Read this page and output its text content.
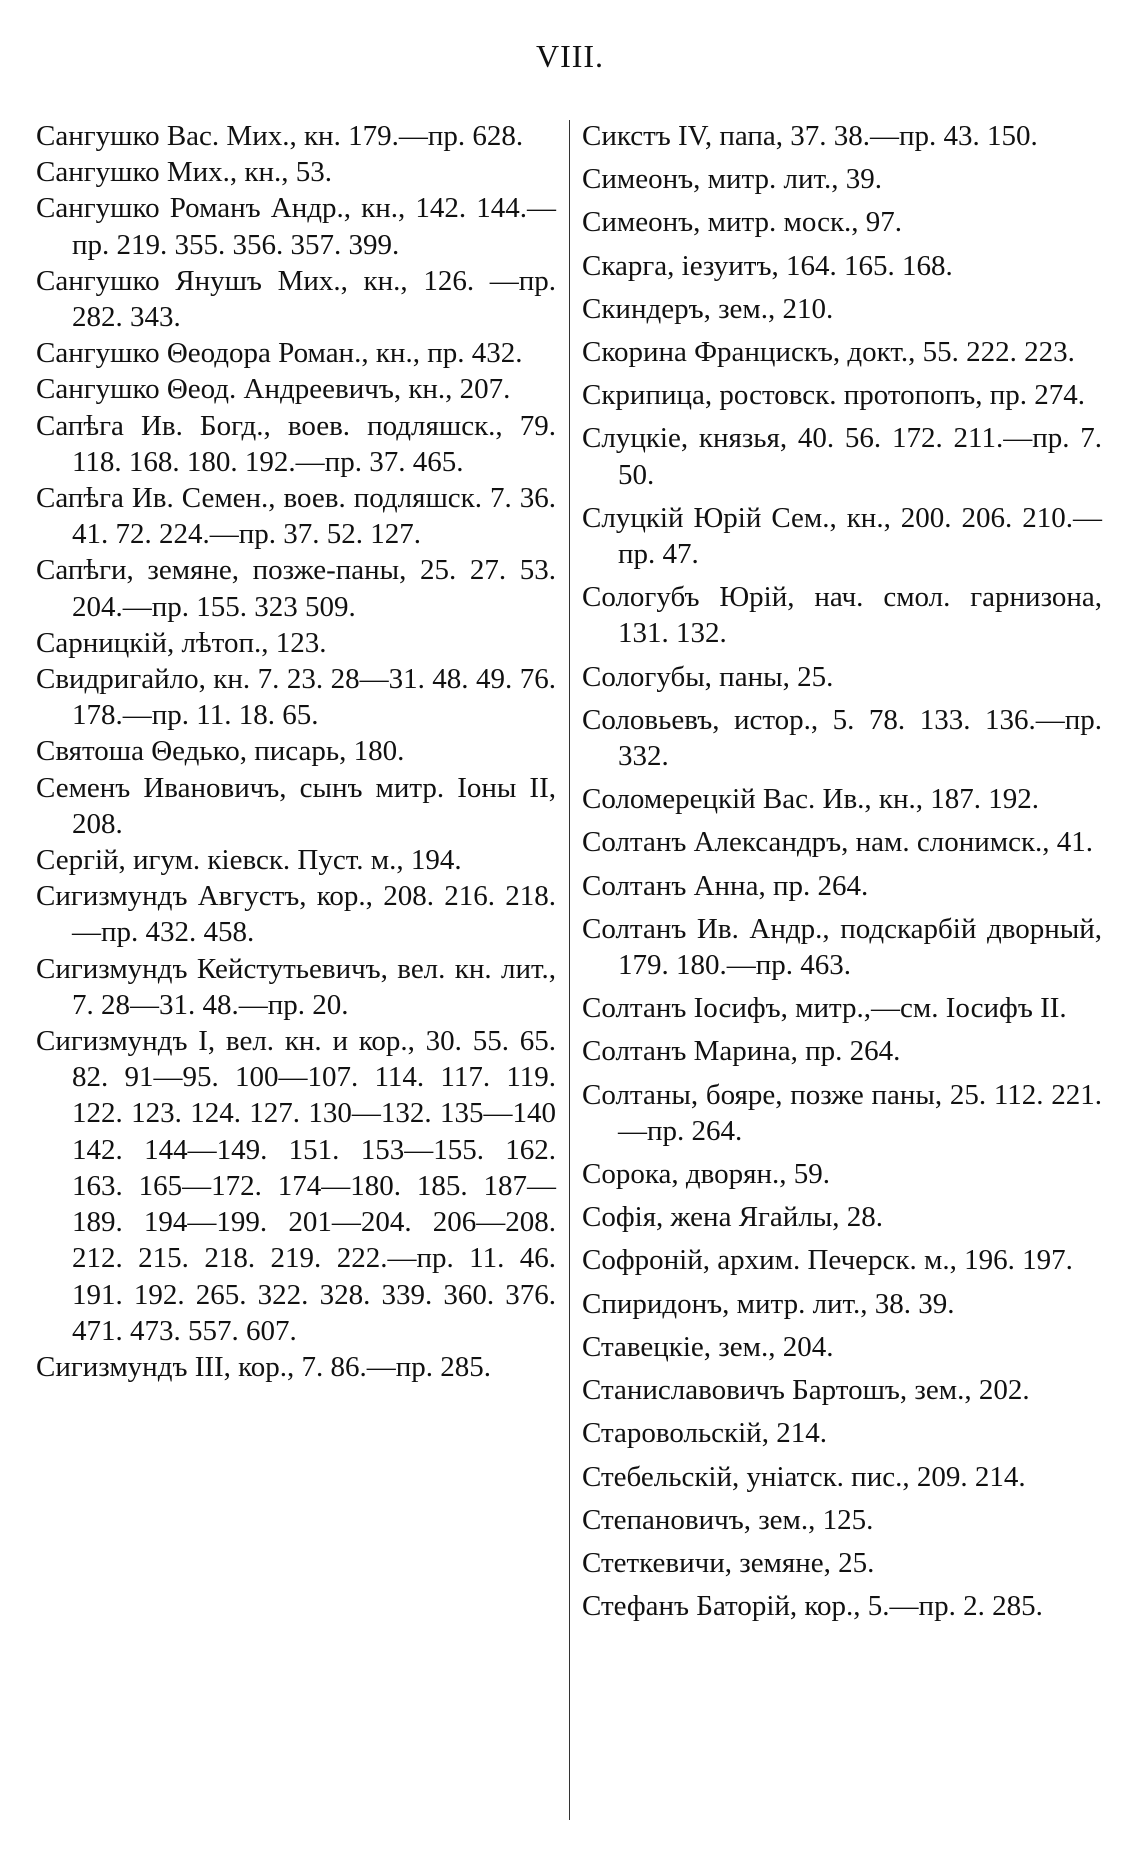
VIII.

Сангушко Вас. Мих., кн. 179.—пр. 628.

Сангушко Мих., кн., 53.

Сангушко Романъ Андр., кн., 142. 144.—пр. 219. 355. 356. 357. 399.

Сангушко Янушъ Мих., кн., 126. —пр. 282. 343.

Сангушко Θеодора Роман., кн., пр. 432.

Сангушко Θеод. Андреевичъ, кн., 207.

Сапѣга Ив. Богд., воев. подляшск., 79. 118. 168. 180. 192.—пр. 37. 465.

Сапѣга Ив. Семен., воев. подляшск. 7. 36. 41. 72. 224.—пр. 37. 52. 127.

Сапѣги, земяне, позже-паны, 25. 27. 53. 204.—пр. 155. 323 509.

Сарницкій, лѣтоп., 123.

Свидригайло, кн. 7. 23. 28—31. 48. 49. 76. 178.—пр. 11. 18. 65.

Святоша Θедько, писарь, 180.

Семенъ Ивановичъ, сынъ митр. Іоны II, 208.

Сергій, игум. кіевск. Пуст. м., 194.

Сигизмундъ Августъ, кор., 208. 216. 218.—пр. 432. 458.

Сигизмундъ Кейстутьевичъ, вел. кн. лит., 7. 28—31. 48.—пр. 20.

Сигизмундъ I, вел. кн. и кор., 30. 55. 65. 82. 91—95. 100—107. 114. 117. 119. 122. 123. 124. 127. 130—132. 135—140 142. 144—149. 151. 153—155. 162. 163. 165—172. 174—180. 185. 187—189. 194—199. 201—204. 206—208. 212. 215. 218. 219. 222.—пр. 11. 46. 191. 192. 265. 322. 328. 339. 360. 376. 471. 473. 557. 607.

Сигизмундъ III, кор., 7. 86.—пр. 285.

Сикстъ IV, папа, 37. 38.—пр. 43. 150.

Симеонъ, митр. лит., 39.

Симеонъ, митр. моск., 97.

Скарга, іезуитъ, 164. 165. 168.

Скиндеръ, зем., 210.

Скорина Францискъ, докт., 55. 222. 223.

Скрипица, ростовск. протопопъ, пр. 274.

Слуцкіе, князья, 40. 56. 172. 211.—пр. 7. 50.

Слуцкій Юрій Сем., кн., 200. 206. 210.—пр. 47.

Сологубъ Юрій, нач. смол. гарнизона, 131. 132.

Сологубы, паны, 25.

Соловьевъ, истор., 5. 78. 133. 136.—пр. 332.

Соломерецкій Вас. Ив., кн., 187. 192.

Солтанъ Александръ, нам. слонимск., 41.

Солтанъ Анна, пр. 264.

Солтанъ Ив. Андр., подскарбій дворный, 179. 180.—пр. 463.

Солтанъ Іосифъ, митр.,—см. Іосифъ II.

Солтанъ Марина, пр. 264.

Солтаны, бояре, позже паны, 25. 112. 221.—пр. 264.

Сорока, дворян., 59.

Софія, жена Ягайлы, 28.

Софроній, архим. Печерск. м., 196. 197.

Спиридонъ, митр. лит., 38. 39.

Ставецкіе, зем., 204.

Станиславовичъ Бартошъ, зем., 202.

Старовольскій, 214.

Стебельскій, уніатск. пис., 209. 214.

Степановичъ, зем., 125.

Стеткевичи, земяне, 25.

Стефанъ Баторій, кор., 5.—пр. 2. 285.
